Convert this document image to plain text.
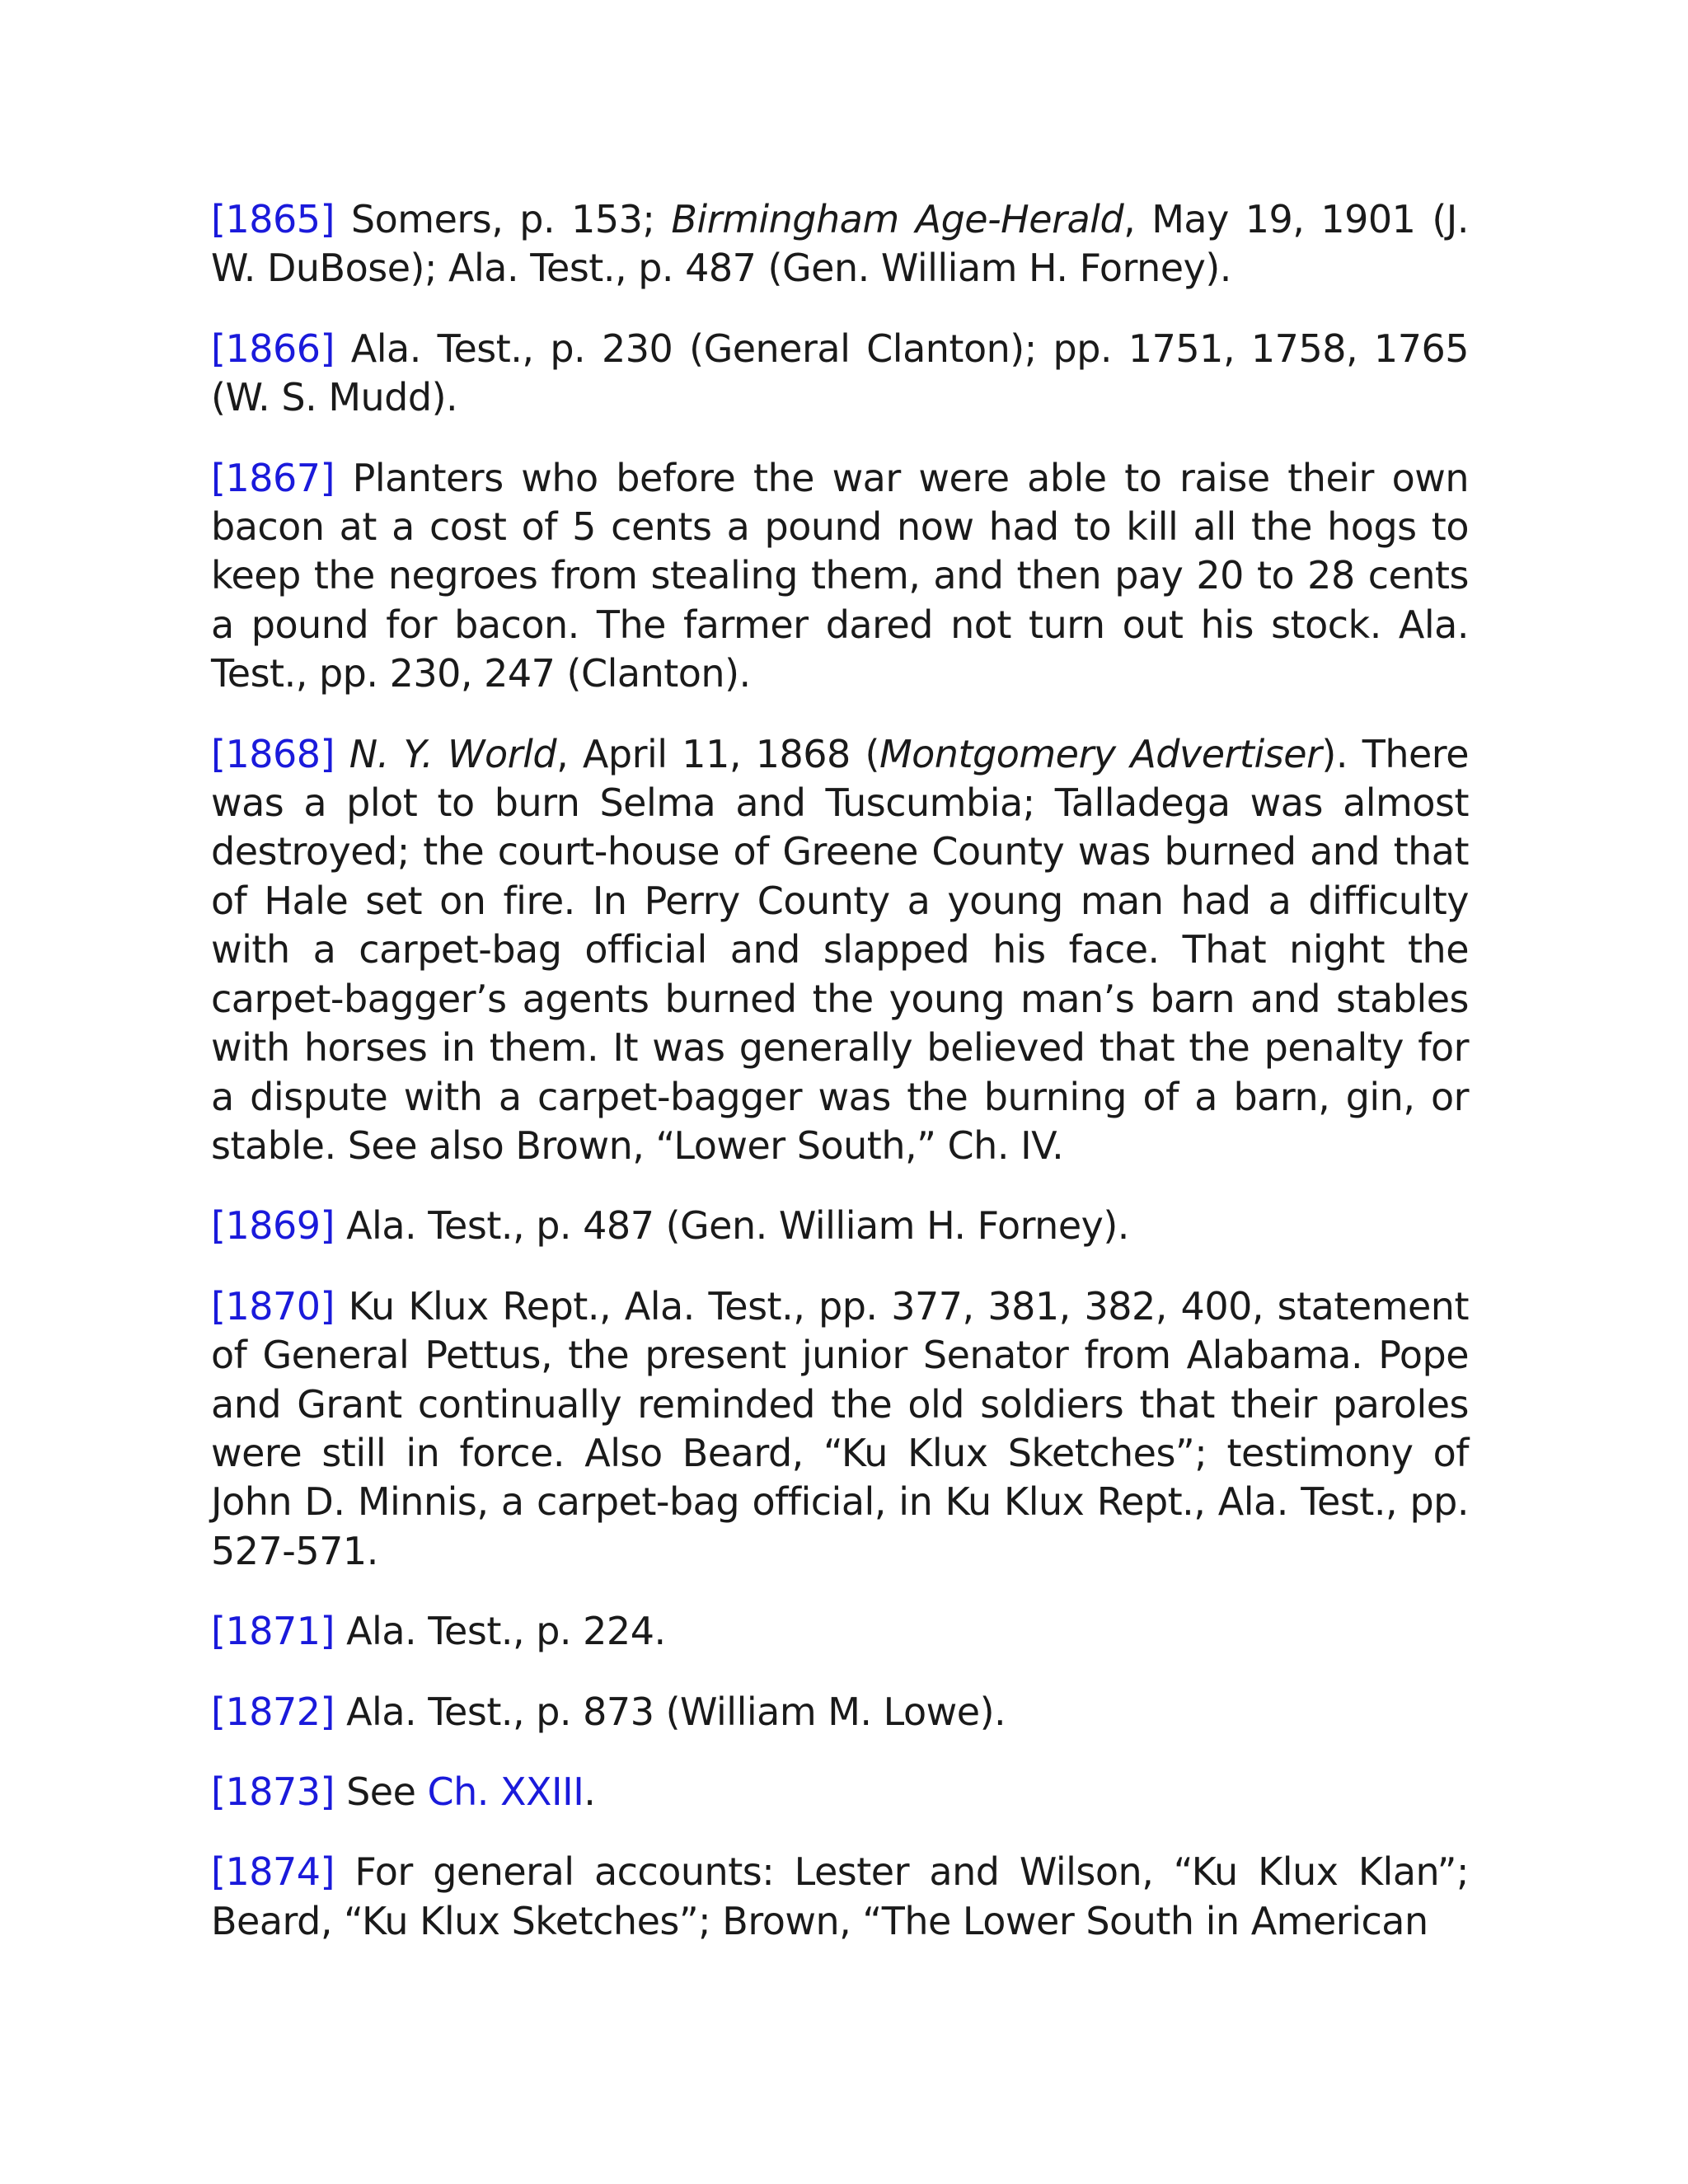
[1865] Somers, p. 153; Birmingham Age-Herald, May 19, 1901 (J. W. DuBose); Ala. Test., p. 487 (Gen. William H. Forney).

[1866] Ala. Test., p. 230 (General Clanton); pp. 1751, 1758, 1765 (W. S. Mudd).

[1867] Planters who before the war were able to raise their own bacon at a cost of 5 cents a pound now had to kill all the hogs to keep the negroes from stealing them, and then pay 20 to 28 cents a pound for bacon. The farmer dared not turn out his stock. Ala. Test., pp. 230, 247 (Clanton).

[1868] N. Y. World, April 11, 1868 (Montgomery Advertiser). There was a plot to burn Selma and Tuscumbia; Talladega was almost destroyed; the court-house of Greene County was burned and that of Hale set on fire. In Perry County a young man had a difficulty with a carpet-bag official and slapped his face. That night the carpet-bagger’s agents burned the young man’s barn and stables with horses in them. It was generally believed that the penalty for a dispute with a carpet-bagger was the burning of a barn, gin, or stable. See also Brown, “Lower South,” Ch. IV.

[1869] Ala. Test., p. 487 (Gen. William H. Forney).

[1870] Ku Klux Rept., Ala. Test., pp. 377, 381, 382, 400, statement of General Pettus, the present junior Senator from Alabama. Pope and Grant continually reminded the old soldiers that their paroles were still in force. Also Beard, “Ku Klux Sketches”; testimony of John D. Minnis, a carpet-bag official, in Ku Klux Rept., Ala. Test., pp. 527-571.

[1871] Ala. Test., p. 224.

[1872] Ala. Test., p. 873 (William M. Lowe).

[1873] See Ch. XXIII.

[1874] For general accounts: Lester and Wilson, “Ku Klux Klan”; Beard, “Ku Klux Sketches”; Brown, “The Lower South in American
